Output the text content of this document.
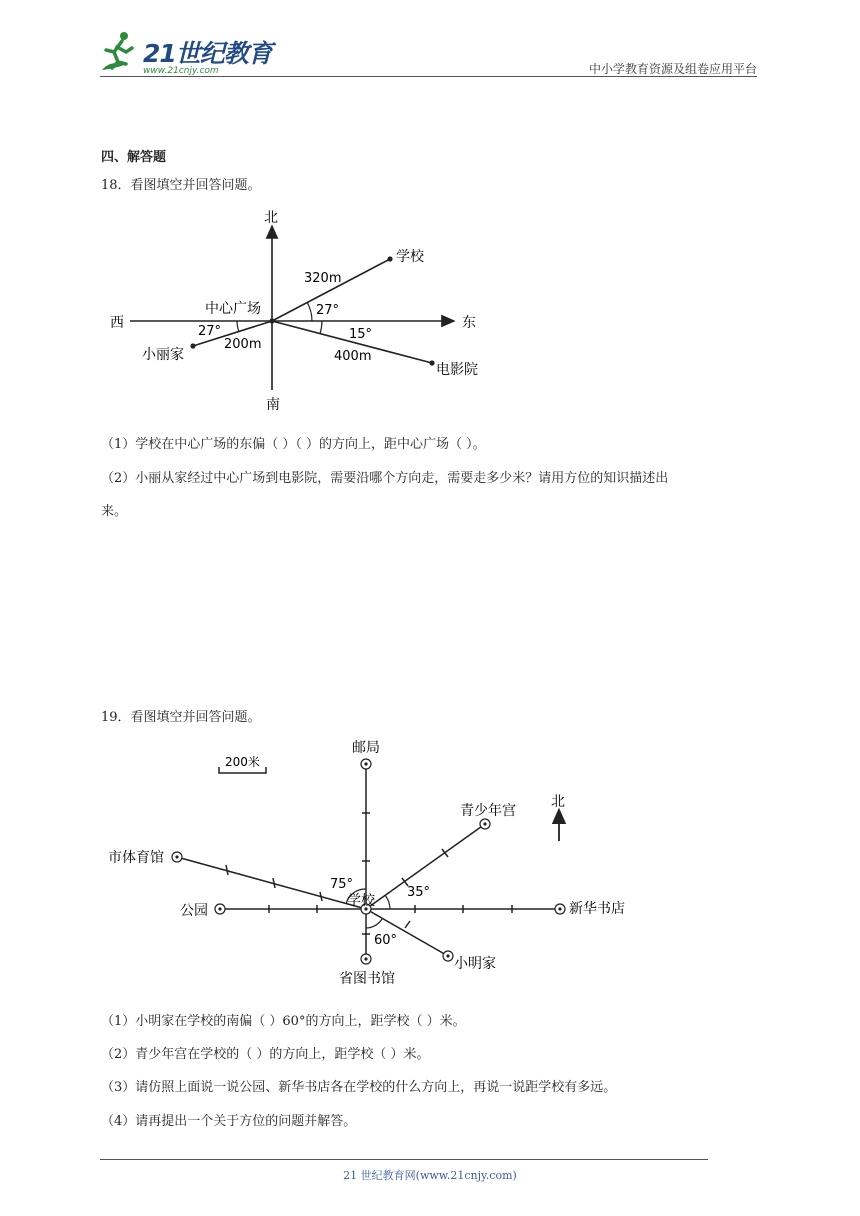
21世纪教育
www.21cnjy.com	中小学教育资源及组卷应用平台
四、解答题
18．看图填空并回答问题。
北
南
西	东
中心广场
学校
320m
27°
小丽家
200m
27°
电影院
400m
15°
（1）学校在中心广场的东偏（ ）（ ）的方向上，距中心广场（ ）。
（2）小丽从家经过中心广场到电影院，需要沿哪个方向走，需要走多少米？请用方位的知识描述出
来。
19．看图填空并回答问题。
200米
北
邮局
青少年宫
市体育馆
公园	新华书店
省图书馆
小明家
学校
75°
35°
60°
（1）小明家在学校的南偏（ ）60°的方向上，距学校（ ）米。
（2）青少年宫在学校的（ ）的方向上，距学校（ ）米。
（3）请仿照上面说一说公园、新华书店各在学校的什么方向上，再说一说距学校有多远。
（4）请再提出一个关于方位的问题并解答。
21 世纪教育网(www.21cnjy.com)
